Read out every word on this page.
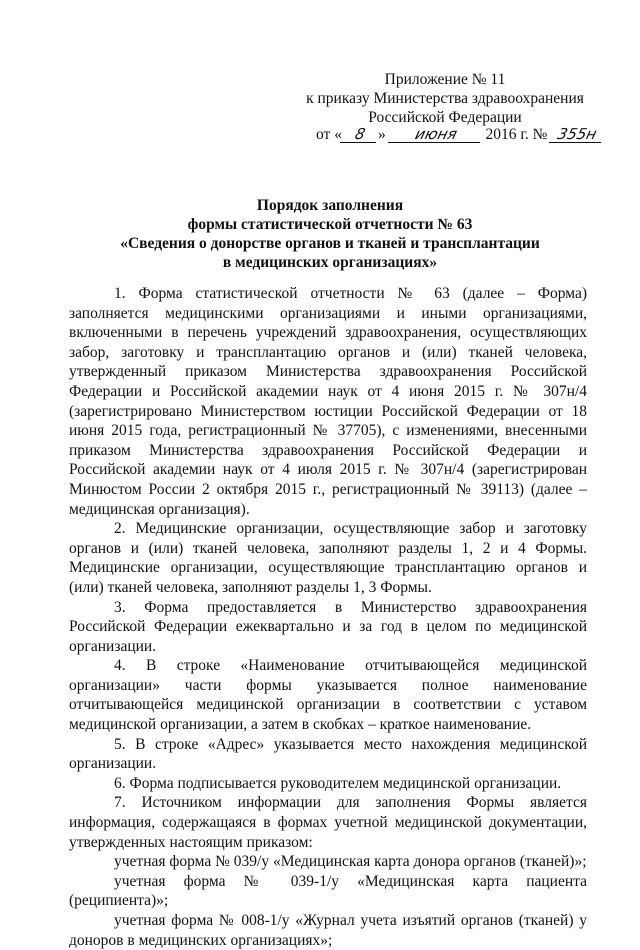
Приложение № 11
к приказу Министерства здравоохранения
Российской Федерации
от « 8 » июня 2016 г. № 355н
Порядок заполнения
формы статистической отчетности № 63
«Сведения о донорстве органов и тканей и трансплантации
в медицинских организациях»

1. Форма статистической отчетности № 63 (далее – Форма) заполняется медицинскими организациями и иными организациями, включенными в перечень учреждений здравоохранения, осуществляющих забор, заготовку и трансплантацию органов и (или) тканей человека, утвержденный приказом Министерства здравоохранения Российской Федерации и Российской академии наук от 4 июня 2015 г. № 307н/4 (зарегистрировано Министерством юстиции Российской Федерации от 18 июня 2015 года, регистрационный № 37705), с изменениями, внесенными приказом Министерства здравоохранения Российской Федерации и Российской академии наук от 4 июля 2015 г. № 307н/4 (зарегистрирован Минюстом России 2 октября 2015 г., регистрационный № 39113) (далее – медицинская организация).

2. Медицинские организации, осуществляющие забор и заготовку органов и (или) тканей человека, заполняют разделы 1, 2 и 4 Формы. Медицинские организации, осуществляющие трансплантацию органов и (или) тканей человека, заполняют разделы 1, 3 Формы.

3. Форма предоставляется в Министерство здравоохранения Российской Федерации ежеквартально и за год в целом по медицинской организации.

4. В строке «Наименование отчитывающейся медицинской организации» части формы указывается полное наименование отчитывающейся медицинской организации в соответствии с уставом медицинской организации, а затем в скобках – краткое наименование.

5. В строке «Адрес» указывается место нахождения медицинской организации.

6. Форма подписывается руководителем медицинской организации.

7. Источником информации для заполнения Формы является информация, содержащаяся в формах учетной медицинской документации, утвержденных настоящим приказом:

учетная форма № 039/у «Медицинская карта донора органов (тканей)»;

учетная форма № 039-1/у «Медицинская карта пациента (реципиента)»;

учетная форма № 008-1/у «Журнал учета изъятий органов (тканей) у доноров в медицинских организациях»;
